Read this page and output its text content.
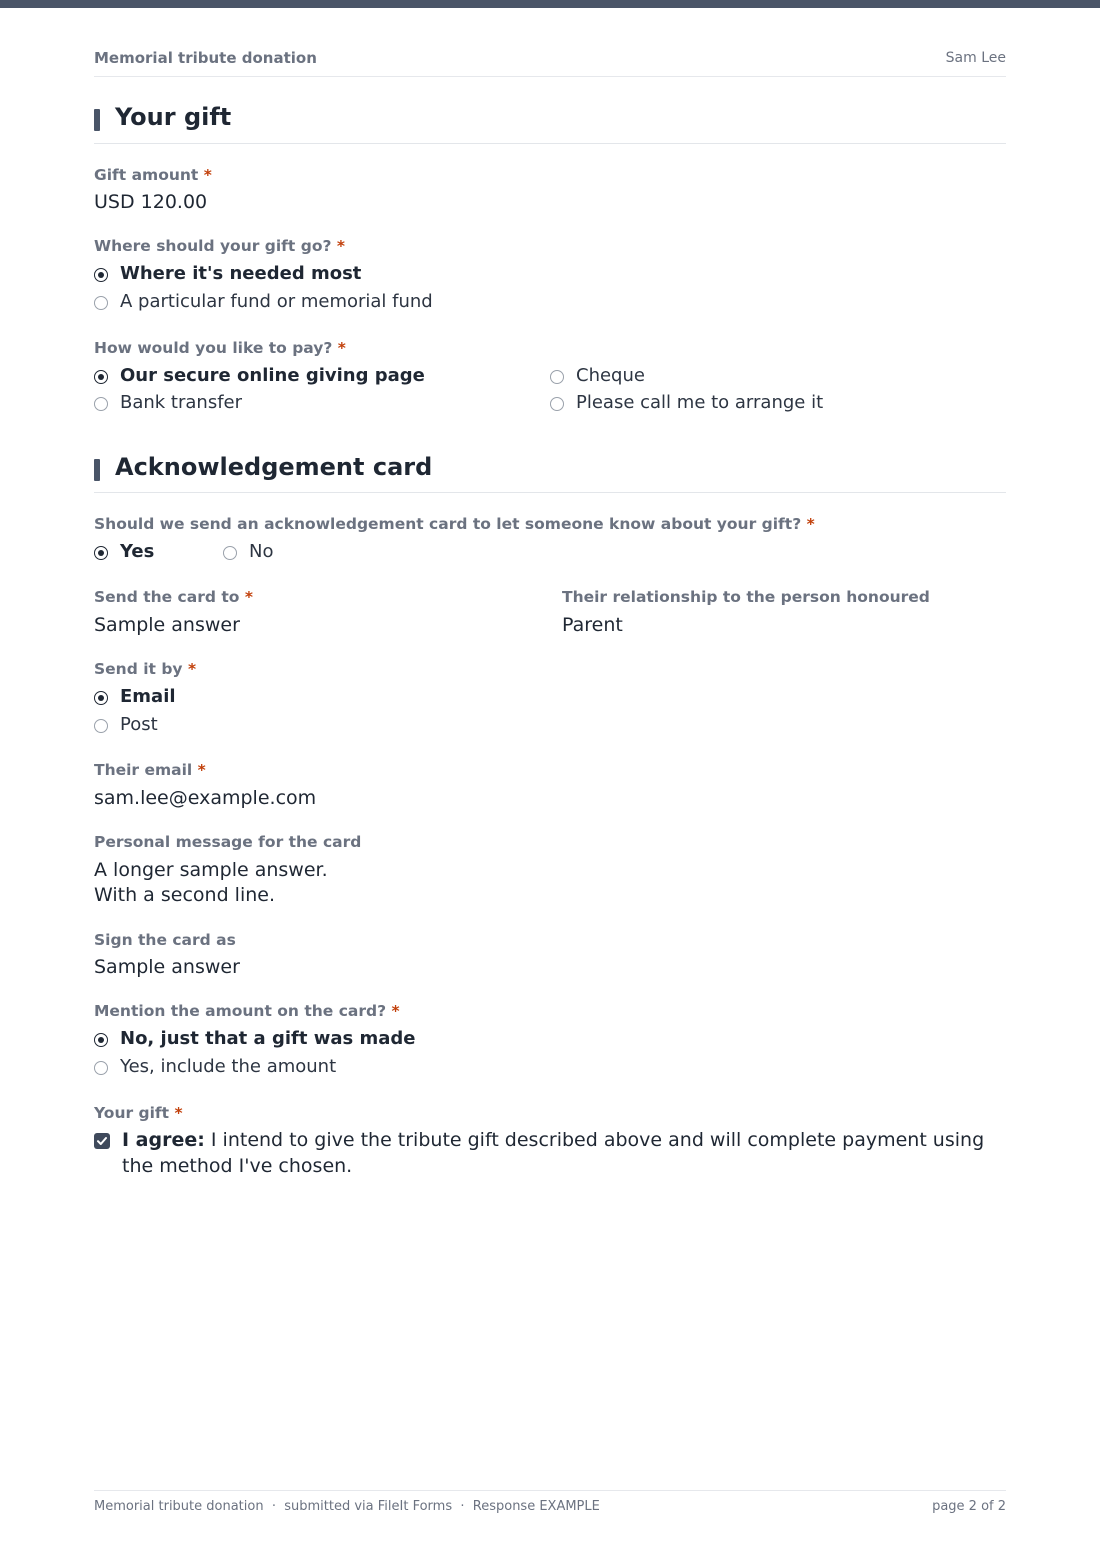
Memorial tribute donation	Sam Lee
Your gift
Gift amount *
USD 120.00
Where should your gift go? *
Where it's needed most
A particular fund or memorial fund
How would you like to pay? *
Our secure online giving page
Bank transfer
Cheque
Please call me to arrange it
Acknowledgement card
Should we send an acknowledgement card to let someone know about your gift? *
Yes	No
Send the card to *
Sample answer
Their relationship to the person honoured
Parent
Send it by *
Email
Post
Their email *
sam.lee@example.com
Personal message for the card
A longer sample answer.
With a second line.
Sign the card as
Sample answer
Mention the amount on the card? *
No, just that a gift was made
Yes, include the amount
Your gift *
I agree: I intend to give the tribute gift described above and will complete payment using the method I've chosen.
Memorial tribute donation  ·  submitted via FileIt Forms  ·  Response EXAMPLE	page 2 of 2
